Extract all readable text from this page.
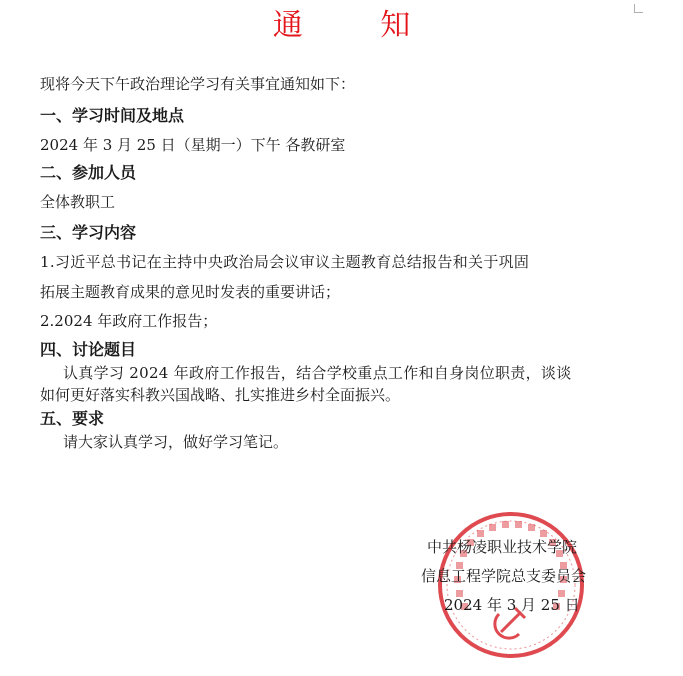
通 知
现将今天下午政治理论学习有关事宜通知如下：
一、学习时间及地点
2024 年 3 月 25 日（星期一）下午 各教研室
二、参加人员
全体教职工
三、学习内容
1.习近平总书记在主持中央政治局会议审议主题教育总结报告和关于巩固
拓展主题教育成果的意见时发表的重要讲话；
2.2024 年政府工作报告；
四、讨论题目
认真学习 2024 年政府工作报告，结合学校重点工作和自身岗位职责，谈谈
如何更好落实科教兴国战略、扎实推进乡村全面振兴。
五、要求
请大家认真学习，做好学习笔记。
中共杨凌职业技术学院
信息工程学院总支委员会
2024 年 3 月 25 日
